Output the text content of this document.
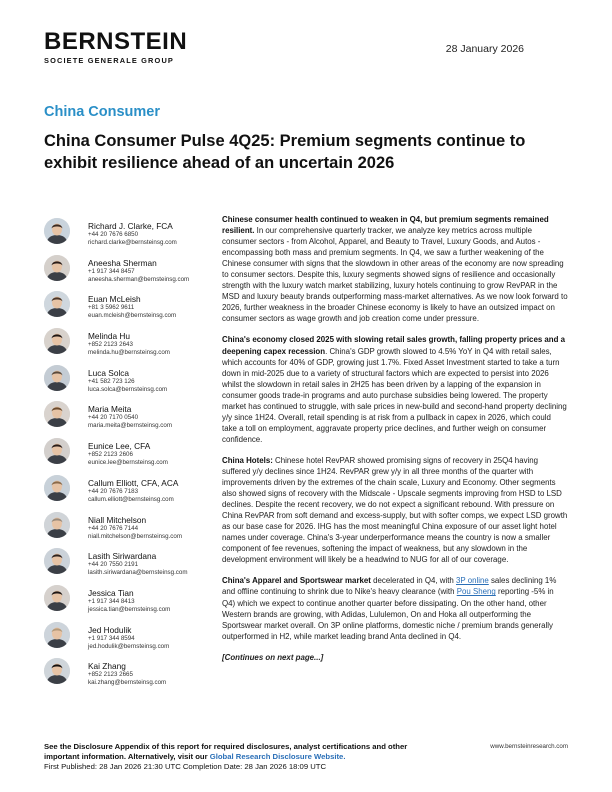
BERNSTEIN
SOCIETE GENERALE GROUP
28 January 2026
China Consumer
China Consumer Pulse 4Q25: Premium segments continue to exhibit resilience ahead of an uncertain 2026
Richard J. Clarke, FCA
+44 20 7676 6850
richard.clarke@bernsteinsg.com
Aneesha Sherman
+1 917 344 8457
aneesha.sherman@bernsteinsg.com
Euan McLeish
+81 3 5962 9611
euan.mcleish@bernsteinsg.com
Melinda Hu
+852 2123 2643
melinda.hu@bernsteinsg.com
Luca Solca
+41 582 723 126
luca.solca@bernsteinsg.com
Maria Meita
+44 20 7170 0540
maria.meita@bernsteinsg.com
Eunice Lee, CFA
+852 2123 2606
eunice.lee@bernsteinsg.com
Callum Elliott, CFA, ACA
+44 20 7676 7183
callum.elliott@bernsteinsg.com
Niall Mitchelson
+44 20 7676 7144
niall.mitchelson@bernsteinsg.com
Lasith Siriwardana
+44 20 7550 2191
lasith.siriwardana@bernsteinsg.com
Jessica Tian
+1 917 344 8413
jessica.tian@bernsteinsg.com
Jed Hodulik
+1 917 344 8594
jed.hodulik@bernsteinsg.com
Kai Zhang
+852 2123 2665
kai.zhang@bernsteinsg.com

Chinese consumer health continued to weaken in Q4, but premium segments remained resilient. In our comprehensive quarterly tracker, we analyze key metrics across multiple consumer sectors - from Alcohol, Apparel, and Beauty to Travel, Luxury Goods, and Autos - encompassing both mass and premium segments. In Q4, we saw a further weakening of the Chinese consumer with signs that the slowdown in other areas of the economy are now spreading to consumer sectors. Despite this, luxury segments showed signs of resilience and occasionally strength with the luxury watch market stabilizing, luxury hotels continuing to grow RevPAR in the MSD and luxury beauty brands outperforming mass-market alternatives. As we now look forward to 2026, further weakness in the broader Chinese economy is likely to have an outsized impact on consumer sectors as wage growth and job creation come under pressure.

China's economy closed 2025 with slowing retail sales growth, falling property prices and a deepening capex recession. China's GDP growth slowed to 4.5% YoY in Q4 with retail sales, which accounts for 40% of GDP, growing just 1.7%. Fixed Asset Investment started to take a turn down in mid-2025 due to a variety of structural factors which are expected to persist into 2026 whilst the slowdown in retail sales in 2H25 has been driven by a lapping of the expansion in consumer goods trade-in programs and auto purchase subsidies being lowered. The property market has continued to struggle, with sale prices in new-build and second-hand property declining y/y since 1H24. Overall, retail spending is at risk from a pullback in capex in 2026, which could take a toll on employment, aggravate property price declines, and further weigh on consumer confidence.

China Hotels: Chinese hotel RevPAR showed promising signs of recovery in 25Q4 having suffered y/y declines since 1H24. RevPAR grew y/y in all three months of the quarter with improvements driven by the extremes of the chain scale, Luxury and Economy. Other segments also showed signs of recovery with the Midscale - Upscale segments improving from HSD to LSD declines. Despite the recent recovery, we do not expect a significant rebound. With pressure on China RevPAR from soft demand and excess-supply, but with softer comps, we expect LSD growth as our base case for 2026. IHG has the most meaningful China exposure of our asset light hotel names under coverage. China's 3-year underperformance means the country is now a smaller component of fee revenues, softening the impact of weakness, but any slowdown in the development environment will likely be a headwind to NUG for all of our coverage.

China's Apparel and Sportswear market decelerated in Q4, with 3P online sales declining 1% and offline continuing to shrink due to Nike's heavy clearance (with Pou Sheng reporting -5% in Q4) which we expect to continue another quarter before dissipating. On the other hand, other Western brands are growing, with Adidas, Lululemon, On and Hoka all outperforming the Sportswear market overall. On 3P online platforms, domestic niche / premium brands generally outperformed in H2, while market leading brand Anta declined in Q4.

[Continues on next page...]

See the Disclosure Appendix of this report for required disclosures, analyst certifications and other important information. Alternatively, visit our Global Research Disclosure Website.
First Published: 28 Jan 2026 21:30 UTC Completion Date: 28 Jan 2026 18:09 UTC
www.bernsteinresearch.com
